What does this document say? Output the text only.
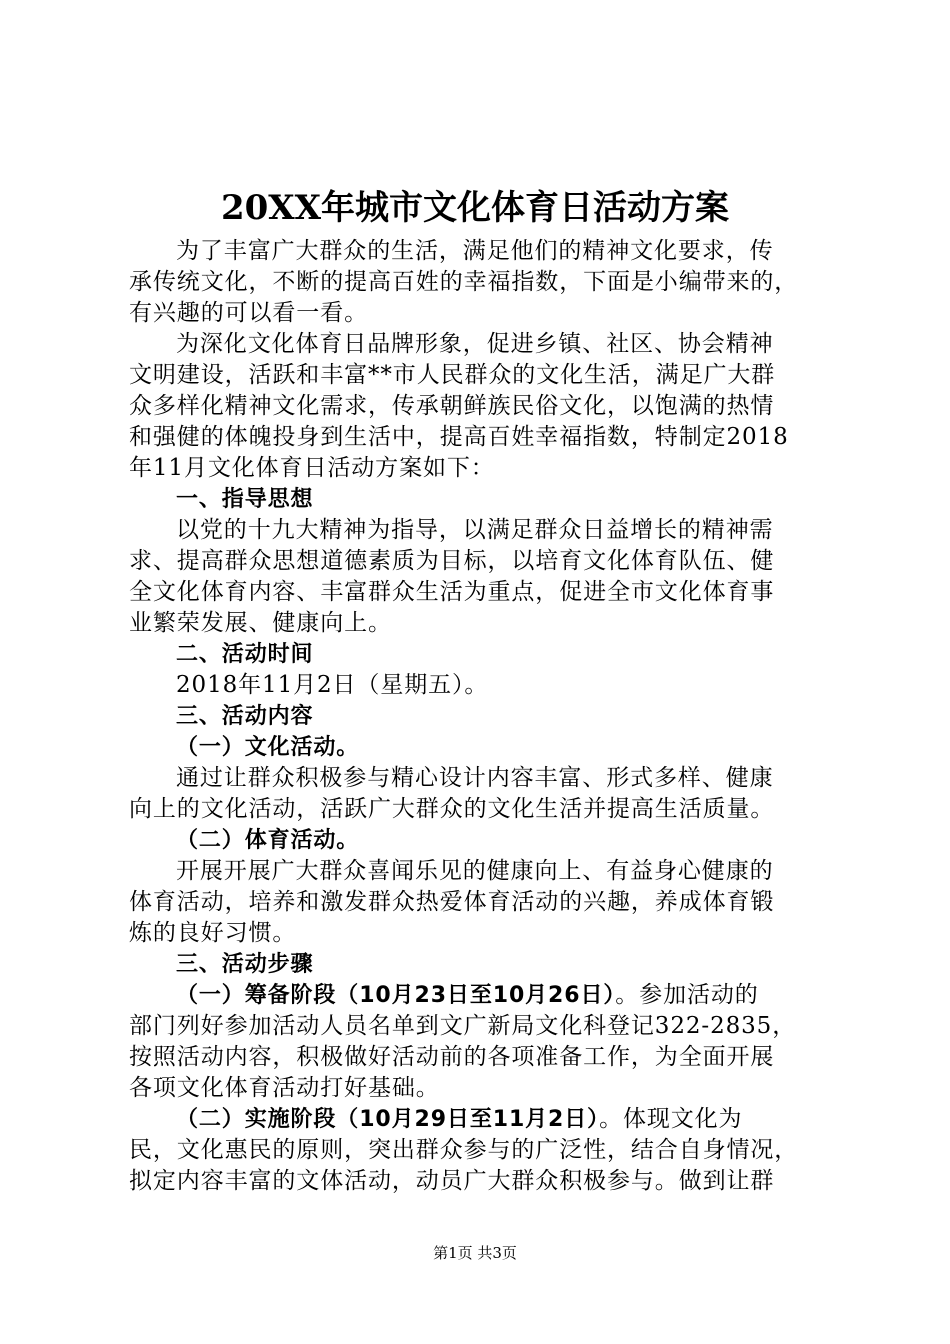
20XX年城市文化体育日活动方案
为了丰富广大群众的生活，满足他们的精神文化要求，传
承传统文化，不断的提高百姓的幸福指数，下面是小编带来的，
有兴趣的可以看一看。
为深化文化体育日品牌形象，促进乡镇、社区、协会精神
文明建设，活跃和丰富**市人民群众的文化生活，满足广大群
众多样化精神文化需求，传承朝鲜族民俗文化，以饱满的热情
和强健的体魄投身到生活中，提高百姓幸福指数，特制定2018
年11月文化体育日活动方案如下：
一、指导思想
以党的十九大精神为指导，以满足群众日益增长的精神需
求、提高群众思想道德素质为目标，以培育文化体育队伍、健
全文化体育内容、丰富群众生活为重点，促进全市文化体育事
业繁荣发展、健康向上。
二、活动时间
2018年11月2日（星期五）。
三、活动内容
（一）文化活动。
通过让群众积极参与精心设计内容丰富、形式多样、健康
向上的文化活动，活跃广大群众的文化生活并提高生活质量。
（二）体育活动。
开展开展广大群众喜闻乐见的健康向上、有益身心健康的
体育活动，培养和激发群众热爱体育活动的兴趣，养成体育锻
炼的良好习惯。
三、活动步骤
（一）筹备阶段（10月23日至10月26日）。参加活动的
部门列好参加活动人员名单到文广新局文化科登记322-2835，
按照活动内容，积极做好活动前的各项准备工作，为全面开展
各项文化体育活动打好基础。
（二）实施阶段（10月29日至11月2日）。体现文化为
民，文化惠民的原则，突出群众参与的广泛性，结合自身情况，
拟定内容丰富的文体活动，动员广大群众积极参与。做到让群
第1页 共3页
